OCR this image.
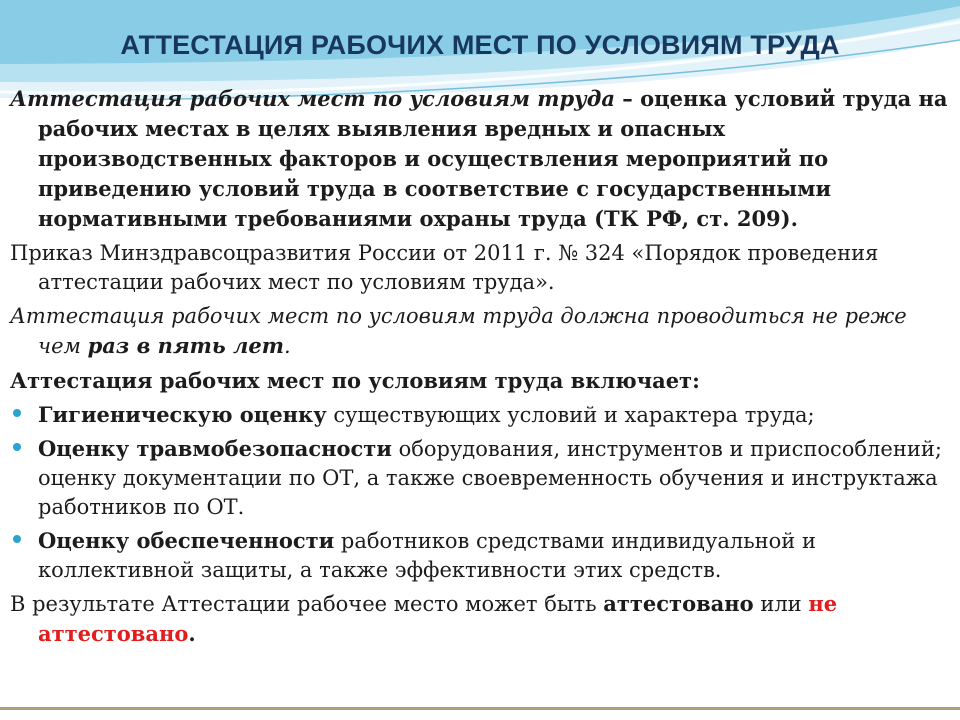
АТТЕСТАЦИЯ РАБОЧИХ МЕСТ ПО УСЛОВИЯМ ТРУДА

Аттестация рабочих мест по условиям труда – оценка условий труда на рабочих местах в целях выявления вредных и опасных производственных факторов и осуществления мероприятий по приведению условий труда в соответствие с государственными нормативными требованиями охраны труда (ТК РФ, ст. 209).

Приказ Минздравсоцразвития России от 2011 г. № 324 «Порядок проведения аттестации рабочих мест по условиям труда».

Аттестация рабочих мест по условиям труда должна проводиться не реже чем раз в пять лет.

Аттестация рабочих мест по условиям труда включает:

Гигиеническую оценку существующих условий и характера труда;
Оценку травмобезопасности оборудования, инструментов и приспособлений; оценку документации по ОТ, а также своевременность обучения и инструктажа работников по ОТ.
Оценку обеспеченности работников средствами индивидуальной и коллективной защиты, а также эффективности этих средств.

В результате Аттестации рабочее место может быть аттестовано или не аттестовано.
